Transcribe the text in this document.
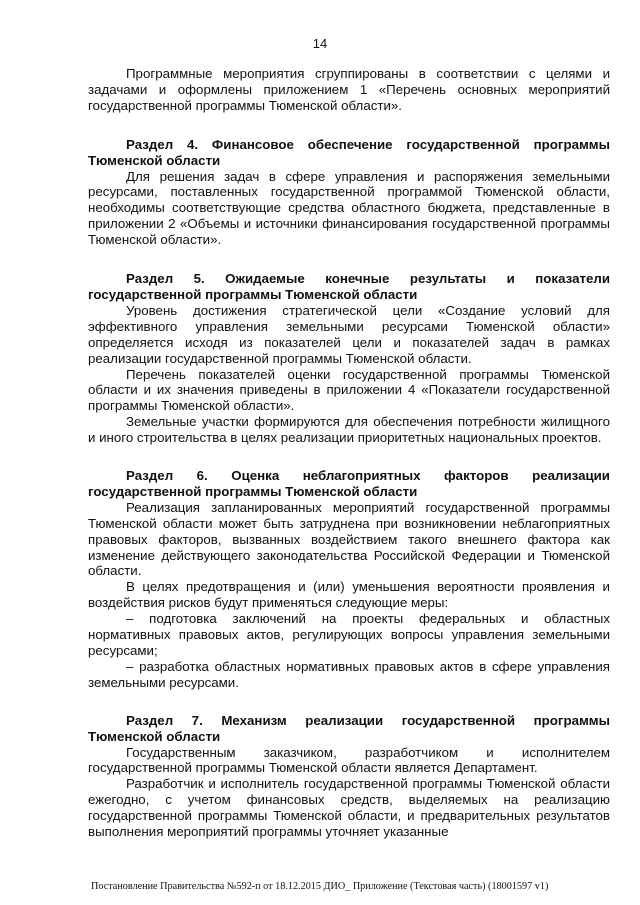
14

Программные мероприятия сгруппированы в соответствии с целями и задачами и оформлены приложением 1 «Перечень основных мероприятий государственной программы Тюменской области».

Раздел 4. Финансовое обеспечение государственной программы Тюменской области

Для решения задач в сфере управления и распоряжения земельными ресурсами, поставленных государственной программой Тюменской области, необходимы соответствующие средства областного бюджета, представленные в приложении 2 «Объемы и источники финансирования государственной программы Тюменской области».

Раздел 5. Ожидаемые конечные результаты и показатели государственной программы Тюменской области

Уровень достижения стратегической цели «Создание условий для эффективного управления земельными ресурсами Тюменской области» определяется исходя из показателей цели и показателей задач в рамках реализации государственной программы Тюменской области.

Перечень показателей оценки государственной программы Тюменской области и их значения приведены в приложении 4 «Показатели государственной программы Тюменской области».

Земельные участки формируются для обеспечения потребности жилищного и иного строительства в целях реализации приоритетных национальных проектов.

Раздел 6. Оценка неблагоприятных факторов реализации государственной программы Тюменской области

Реализация запланированных мероприятий государственной программы Тюменской области может быть затруднена при возникновении неблагоприятных правовых факторов, вызванных воздействием такого внешнего фактора как изменение действующего законодательства Российской Федерации и Тюменской области.

В целях предотвращения и (или) уменьшения вероятности проявления и воздействия рисков будут применяться следующие меры:

– подготовка заключений на проекты федеральных и областных нормативных правовых актов, регулирующих вопросы управления земельными ресурсами;

– разработка областных нормативных правовых актов в сфере управления земельными ресурсами.

Раздел 7. Механизм реализации государственной программы Тюменской области

Государственным заказчиком, разработчиком и исполнителем государственной программы Тюменской области является Департамент.

Разработчик и исполнитель государственной программы Тюменской области ежегодно, с учетом финансовых средств, выделяемых на реализацию государственной программы Тюменской области, и предварительных результатов выполнения мероприятий программы уточняет указанные

Постановление Правительства №592-п от 18.12.2015 ДИО_ Приложение (Текстовая часть) (18001597 v1)
